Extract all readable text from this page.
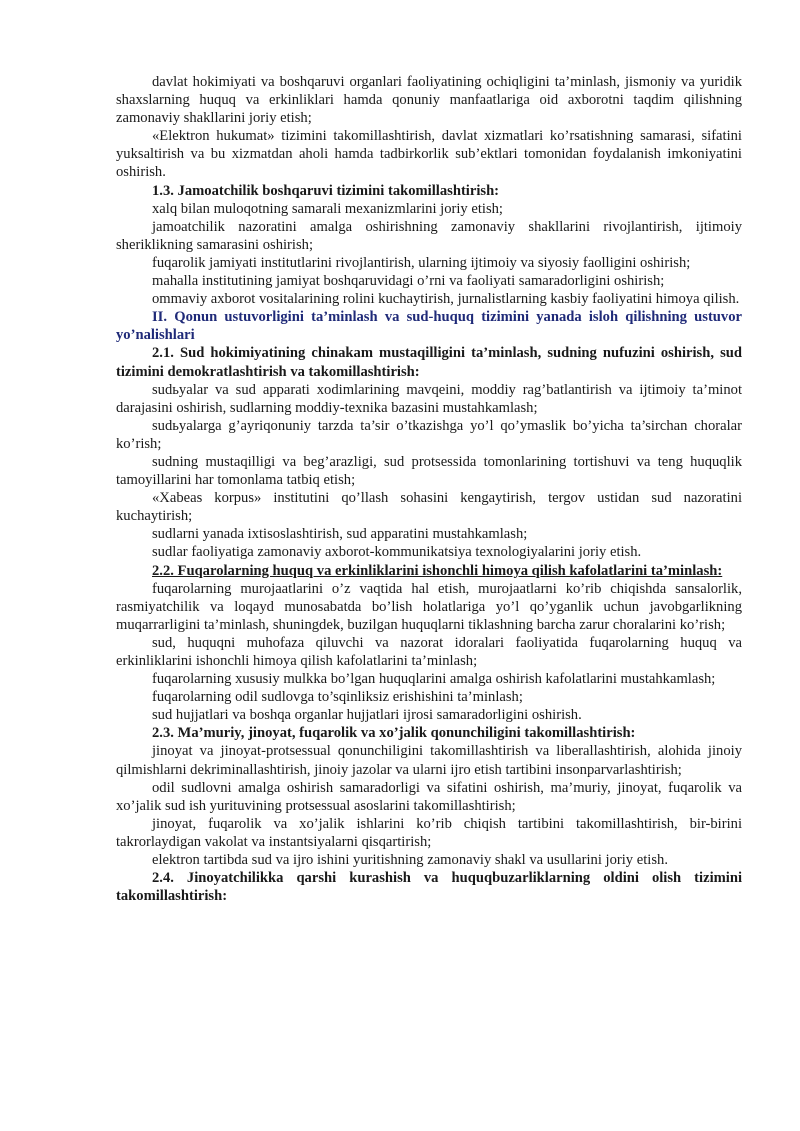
davlat hokimiyati va boshqaruvi organlari faoliyatining ochiqligini ta’minlash, jismoniy va yuridik shaxslarning huquq va erkinliklari hamda qonuniy manfaatlariga oid axborotni taqdim qilishning zamonaviy shakllarini joriy etish;

«Elektron hukumat» tizimini takomillashtirish, davlat xizmatlari ko’rsatishning samarasi, sifatini yuksaltirish va bu xizmatdan aholi hamda tadbirkorlik sub’ektlari tomonidan foydalanish imkoniyatini oshirish.

1.3. Jamoatchilik boshqaruvi tizimini takomillashtirish:

xalq bilan muloqotning samarali mexanizmlarini joriy etish;

jamoatchilik nazoratini amalga oshirishning zamonaviy shakllarini rivojlantirish, ijtimoiy sheriklikning samarasini oshirish;

fuqarolik jamiyati institutlarini rivojlantirish, ularning ijtimoiy va siyosiy faolligini oshirish;

mahalla institutining jamiyat boshqaruvidagi o’rni va faoliyati samaradorligini oshirish;

ommaviy axborot vositalarining rolini kuchaytirish, jurnalistlarning kasbiy faoliyatini himoya qilish.

II. Qonun ustuvorligini ta’minlash va sud-huquq tizimini yanada isloh qilishning ustuvor yo’nalishlari

2.1. Sud hokimiyatining chinakam mustaqilligini ta’minlash, sudning nufuzini oshirish, sud tizimini demokratlashtirish va takomillashtirish:

sudьyalar va sud apparati xodimlarining mavqeini, moddiy rag’batlantirish va ijtimoiy ta’minot darajasini oshirish, sudlarning moddiy-texnika bazasini mustahkamlash;

sudьyalarga g’ayriqonuniy tarzda ta’sir o’tkazishga yo’l qo’ymaslik bo’yicha ta’sirchan choralar ko’rish;

sudning mustaqilligi va beg’arazligi, sud protsessida tomonlarining tortishuvi va teng huquqlik tamoyillarini har tomonlama tatbiq etish;

«Xabeas korpus» institutini qo’llash sohasini kengaytirish, tergov ustidan sud nazoratini kuchaytirish;

sudlarni yanada ixtisoslashtirish, sud apparatini mustahkamlash;

sudlar faoliyatiga zamonaviy axborot-kommunikatsiya texnologiyalarini joriy etish.

2.2. Fuqarolarning huquq va erkinliklarini ishonchli himoya qilish kafolatlarini ta’minlash:

fuqarolarning murojaatlarini o’z vaqtida hal etish, murojaatlarni ko’rib chiqishda sansalorlik, rasmiyatchilik va loqayd munosabatda bo’lish holatlariga yo’l qo’yganlik uchun javobgarlikning muqarrarligini ta’minlash, shuningdek, buzilgan huquqlarni tiklashning barcha zarur choralarini ko’rish;

sud, huquqni muhofaza qiluvchi va nazorat idoralari faoliyatida fuqarolarning huquq va erkinliklarini ishonchli himoya qilish kafolatlarini ta’minlash;

fuqarolarning xususiy mulkka bo’lgan huquqlarini amalga oshirish kafolatlarini mustahkamlash;

fuqarolarning odil sudlovga to’sqinliksiz erishishini ta’minlash;

sud hujjatlari va boshqa organlar hujjatlari ijrosi samaradorligini oshirish.

2.3. Ma’muriy, jinoyat, fuqarolik va xo’jalik qonunchiligini takomillashtirish:

jinoyat va jinoyat-protsessual qonunchiligini takomillashtirish va liberallashtirish, alohida jinoiy qilmishlarni dekriminallashtirish, jinoiy jazolar va ularni ijro etish tartibini insonparvarlashtirish;

odil sudlovni amalga oshirish samaradorligi va sifatini oshirish, ma’muriy, jinoyat, fuqarolik va xo’jalik sud ish yurituvining protsessual asoslarini takomillashtirish;

jinoyat, fuqarolik va xo’jalik ishlarini ko’rib chiqish tartibini takomillashtirish, bir-birini takrorlaydigan vakolat va instantsiyalarni qisqartirish;

elektron tartibda sud va ijro ishini yuritishning zamonaviy shakl va usullarini joriy etish.

2.4. Jinoyatchilikka qarshi kurashish va huquqbuzarliklarning oldini olish tizimini takomillashtirish:
